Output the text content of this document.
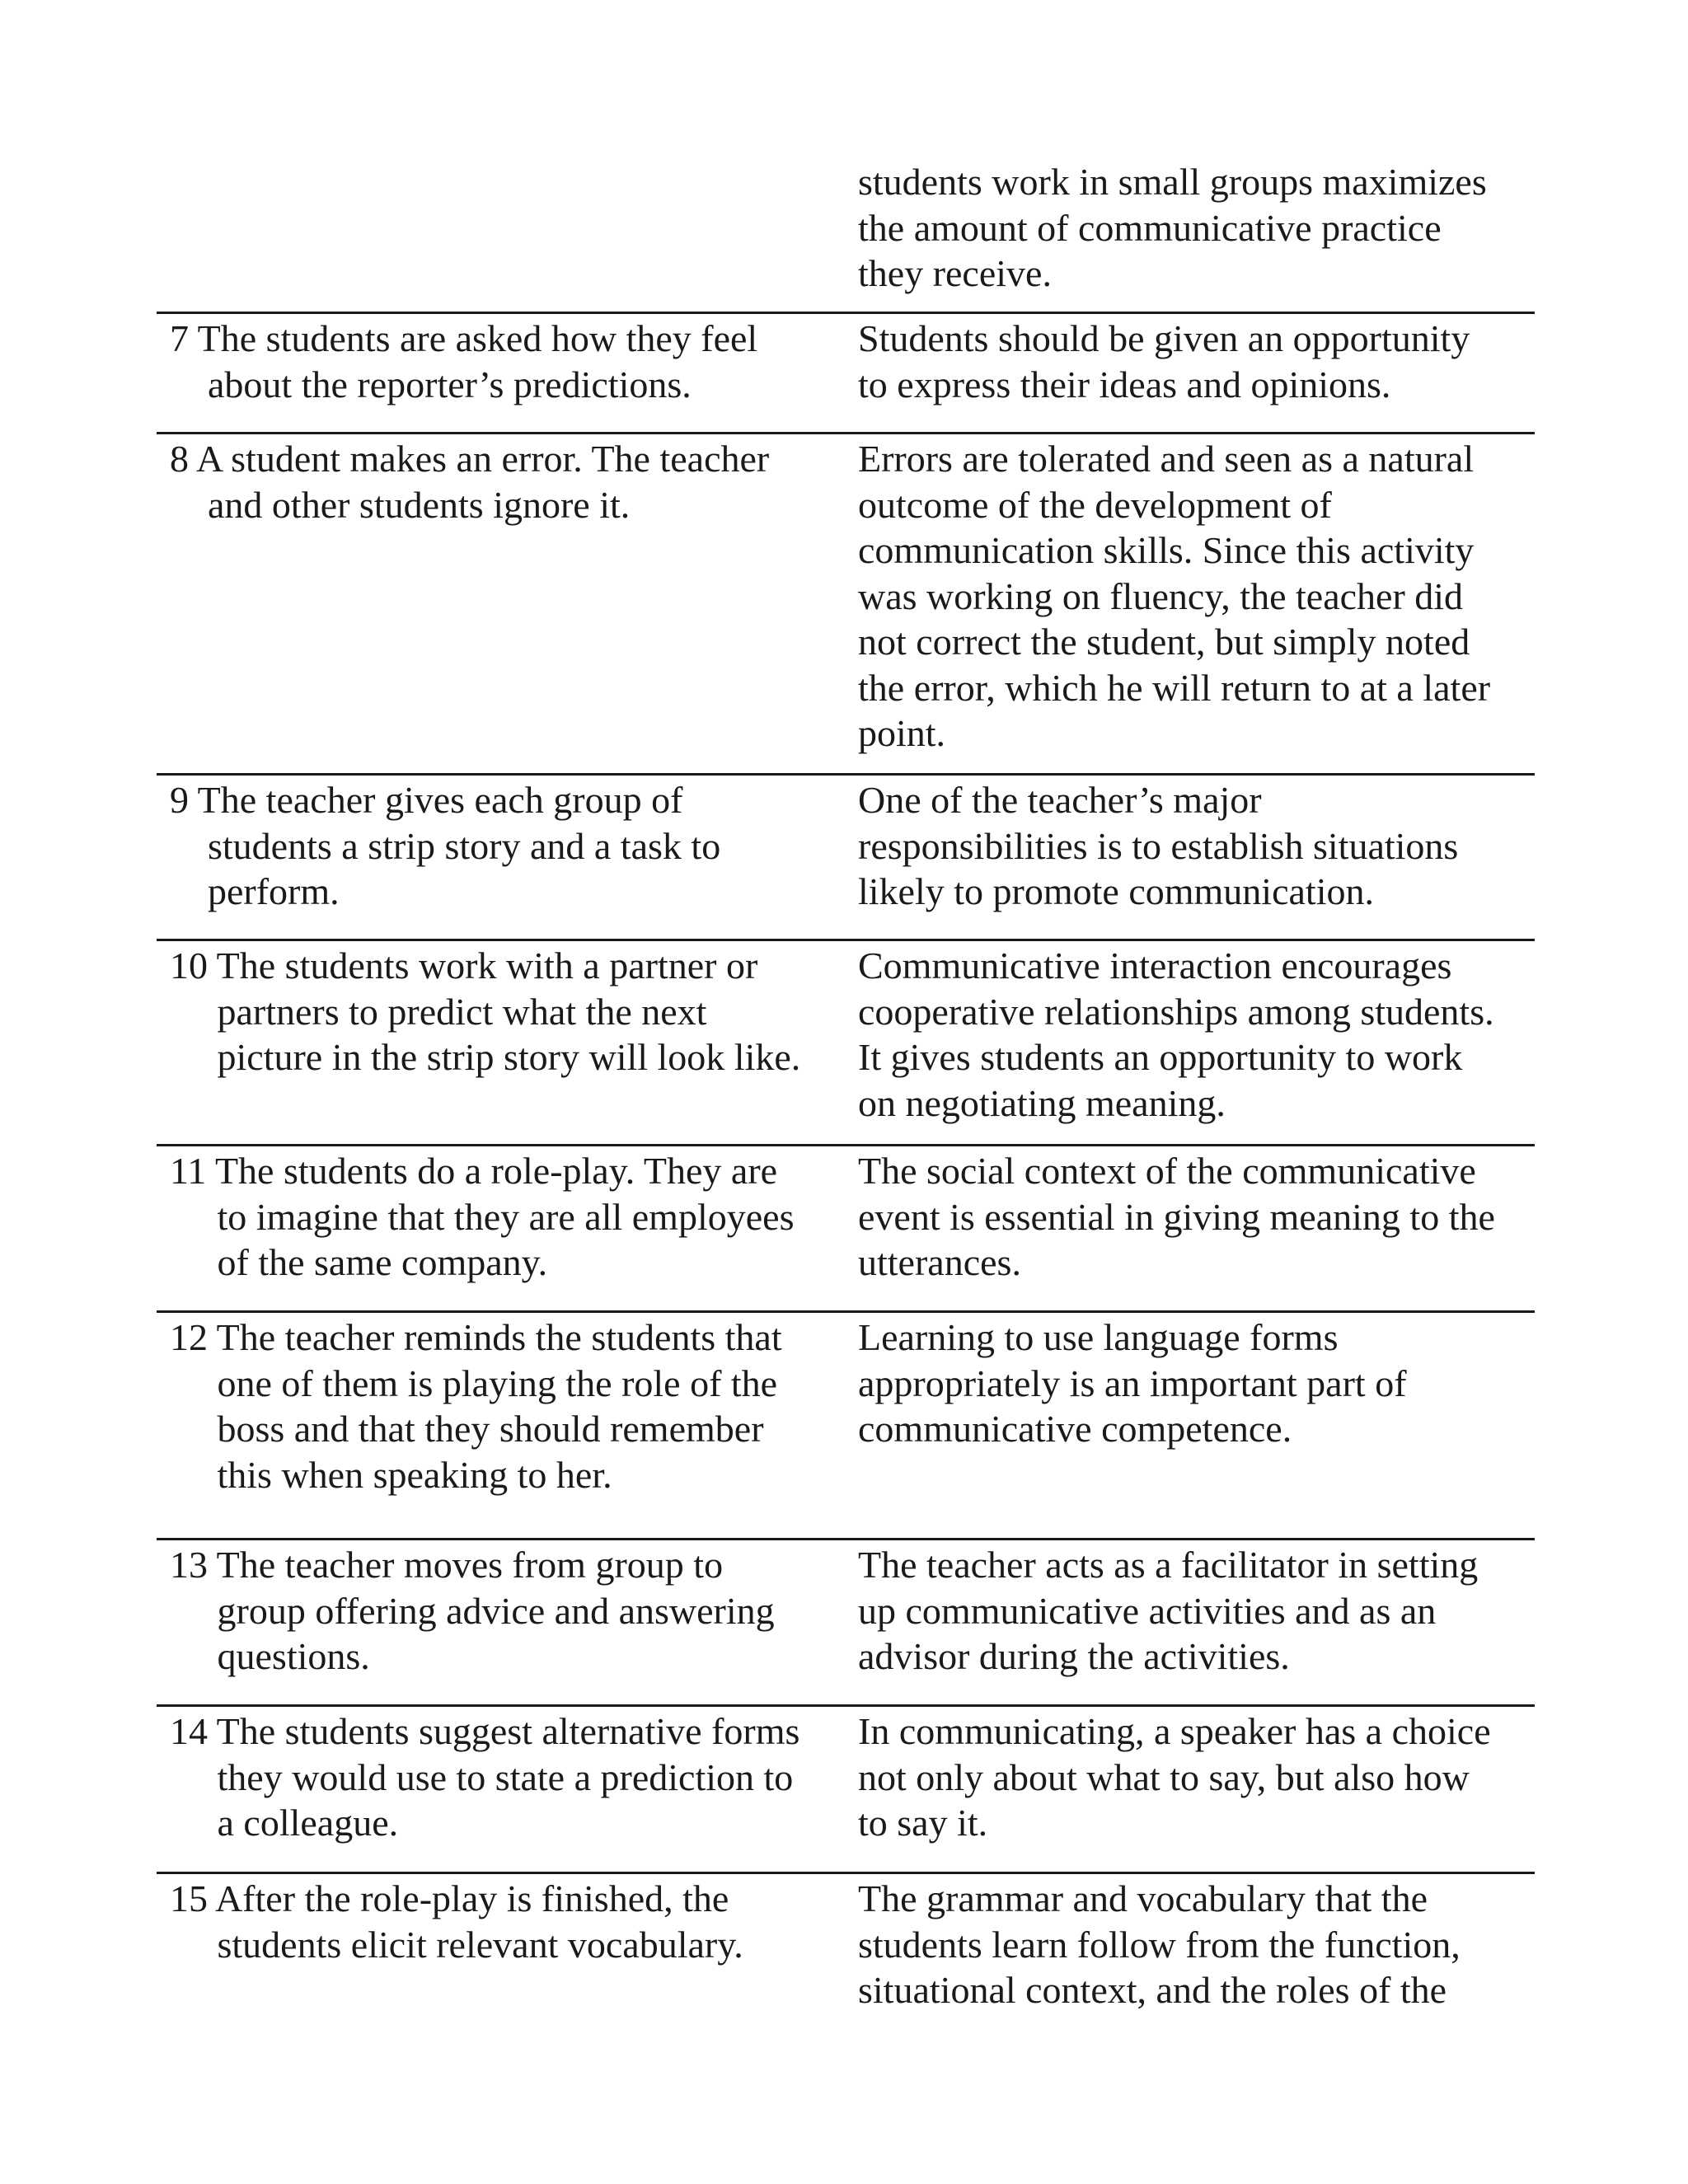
students work in small groups maximizes
the amount of communicative practice
they receive.
7 The students are asked how they feel
about the reporter’s predictions.
Students should be given an opportunity
to express their ideas and opinions.
8 A student makes an error. The teacher
and other students ignore it.
Errors are tolerated and seen as a natural
outcome of the development of
communication skills. Since this activity
was working on fluency, the teacher did
not correct the student, but simply noted
the error, which he will return to at a later
point.
9 The teacher gives each group of
students a strip story and a task to
perform.
One of the teacher’s major
responsibilities is to establish situations
likely to promote communication.
10 The students work with a partner or
partners to predict what the next
picture in the strip story will look like.
Communicative interaction encourages
cooperative relationships among students.
It gives students an opportunity to work
on negotiating meaning.
11 The students do a role-play. They are
to imagine that they are all employees
of the same company.
The social context of the communicative
event is essential in giving meaning to the
utterances.
12 The teacher reminds the students that
one of them is playing the role of the
boss and that they should remember
this when speaking to her.
Learning to use language forms
appropriately is an important part of
communicative competence.
13 The teacher moves from group to
group offering advice and answering
questions.
The teacher acts as a facilitator in setting
up communicative activities and as an
advisor during the activities.
14 The students suggest alternative forms
they would use to state a prediction to
a colleague.
In communicating, a speaker has a choice
not only about what to say, but also how
to say it.
15 After the role-play is finished, the
students elicit relevant vocabulary.
The grammar and vocabulary that the
students learn follow from the function,
situational context, and the roles of the
